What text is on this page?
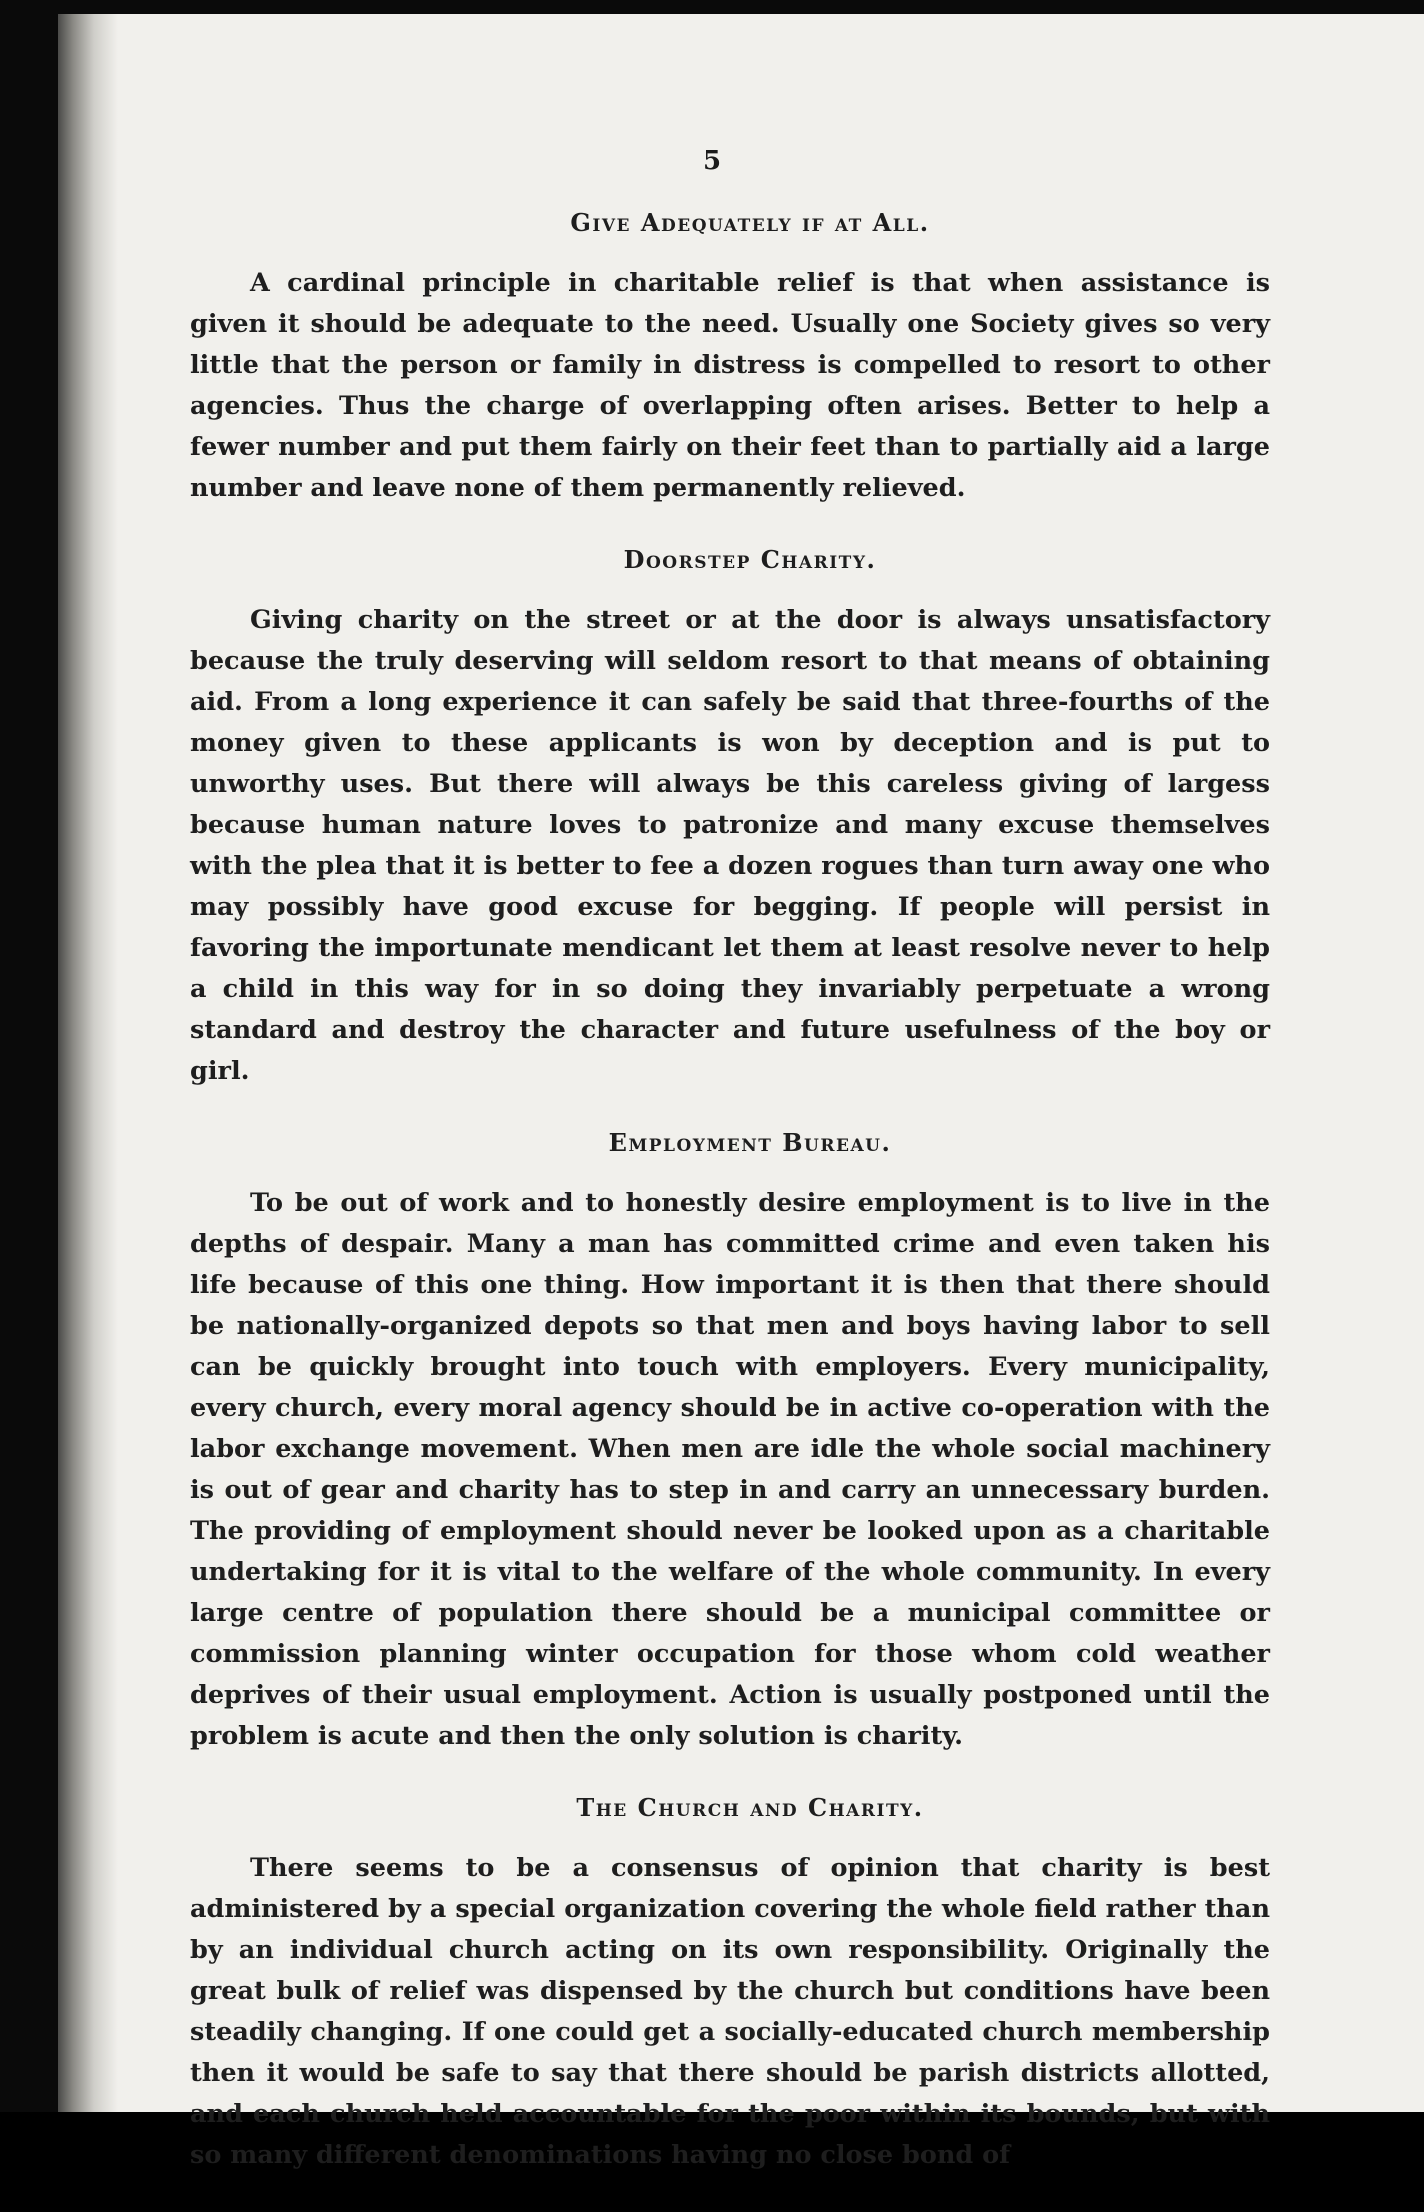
5
Give Adequately if at All.

A cardinal principle in charitable relief is that when assistance is given it should be adequate to the need. Usually one Society gives so very little that the person or family in distress is compelled to resort to other agencies. Thus the charge of overlapping often arises. Better to help a fewer number and put them fairly on their feet than to partially aid a large number and leave none of them permanently relieved.

Doorstep Charity.

Giving charity on the street or at the door is always unsatisfactory because the truly deserving will seldom resort to that means of obtaining aid. From a long experience it can safely be said that three-fourths of the money given to these applicants is won by deception and is put to unworthy uses. But there will always be this careless giving of largess because human nature loves to patronize and many excuse themselves with the plea that it is better to fee a dozen rogues than turn away one who may possibly have good excuse for begging. If people will persist in favoring the importunate mendicant let them at least resolve never to help a child in this way for in so doing they invariably perpetuate a wrong standard and destroy the character and future usefulness of the boy or girl.

Employment Bureau.

To be out of work and to honestly desire employment is to live in the depths of despair. Many a man has committed crime and even taken his life because of this one thing. How important it is then that there should be nationally-organized depots so that men and boys having labor to sell can be quickly brought into touch with employers. Every municipality, every church, every moral agency should be in active co-operation with the labor exchange movement. When men are idle the whole social machinery is out of gear and charity has to step in and carry an unnecessary burden. The providing of employment should never be looked upon as a charitable undertaking for it is vital to the welfare of the whole community. In every large centre of population there should be a municipal committee or commission planning winter occupation for those whom cold weather deprives of their usual employment. Action is usually postponed until the problem is acute and then the only solution is charity.

The Church and Charity.

There seems to be a consensus of opinion that charity is best administered by a special organization covering the whole field rather than by an individual church acting on its own responsibility. Originally the great bulk of relief was dispensed by the church but conditions have been steadily changing. If one could get a socially-educated church membership then it would be safe to say that there should be parish districts allotted, and each church held accountable for the poor within its bounds, but with so many different denominations having no close bond of
